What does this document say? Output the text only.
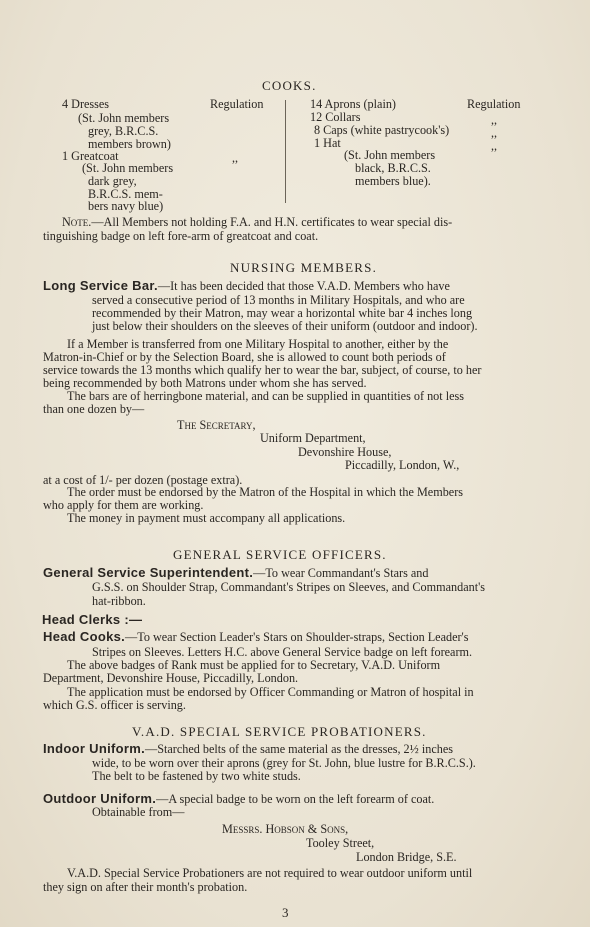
COOKS.
4 Dresses	Regulation
(St. John members
grey, B.R.C.S.
members brown)
1 Greatcoat	,,
(St. John members
dark grey,
B.R.C.S. mem-
bers navy blue)
14 Aprons (plain)	Regulation
12 Collars	,,
8 Caps (white pastrycook's)	,,
1 Hat	,,
(St. John members
black, B.R.C.S.
members blue).
Note.—All Members not holding F.A. and H.N. certificates to wear special dis-
tinguishing badge on left fore-arm of greatcoat and coat.
NURSING MEMBERS.
Long Service Bar.—It has been decided that those V.A.D. Members who have
served a consecutive period of 13 months in Military Hospitals, and who are
recommended by their Matron, may wear a horizontal white bar 4 inches long
just below their shoulders on the sleeves of their uniform (outdoor and indoor).
If a Member is transferred from one Military Hospital to another, either by the
Matron-in-Chief or by the Selection Board, she is allowed to count both periods of
service towards the 13 months which qualify her to wear the bar, subject, of course, to her
being recommended by both Matrons under whom she has served.
The bars are of herringbone material, and can be supplied in quantities of not less
than one dozen by—
The Secretary,
Uniform Department,
Devonshire House,
Piccadilly, London, W.,
at a cost of 1/- per dozen (postage extra).
The order must be endorsed by the Matron of the Hospital in which the Members
who apply for them are working.
The money in payment must accompany all applications.
GENERAL SERVICE OFFICERS.
General Service Superintendent.—To wear Commandant's Stars and
G.S.S. on Shoulder Strap, Commandant's Stripes on Sleeves, and Commandant's
hat-ribbon.
Head Clerks :—
Head Cooks.—To wear Section Leader's Stars on Shoulder-straps, Section Leader's
Stripes on Sleeves. Letters H.C. above General Service badge on left forearm.
The above badges of Rank must be applied for to Secretary, V.A.D. Uniform
Department, Devonshire House, Piccadilly, London.
The application must be endorsed by Officer Commanding or Matron of hospital in
which G.S. officer is serving.
V.A.D. SPECIAL SERVICE PROBATIONERS.
Indoor Uniform.—Starched belts of the same material as the dresses, 2½ inches
wide, to be worn over their aprons (grey for St. John, blue lustre for B.R.C.S.).
The belt to be fastened by two white studs.
Outdoor Uniform.—A special badge to be worn on the left forearm of coat.
Obtainable from—
Messrs. Hobson & Sons,
Tooley Street,
London Bridge, S.E.
V.A.D. Special Service Probationers are not required to wear outdoor uniform until
they sign on after their month's probation.
3
